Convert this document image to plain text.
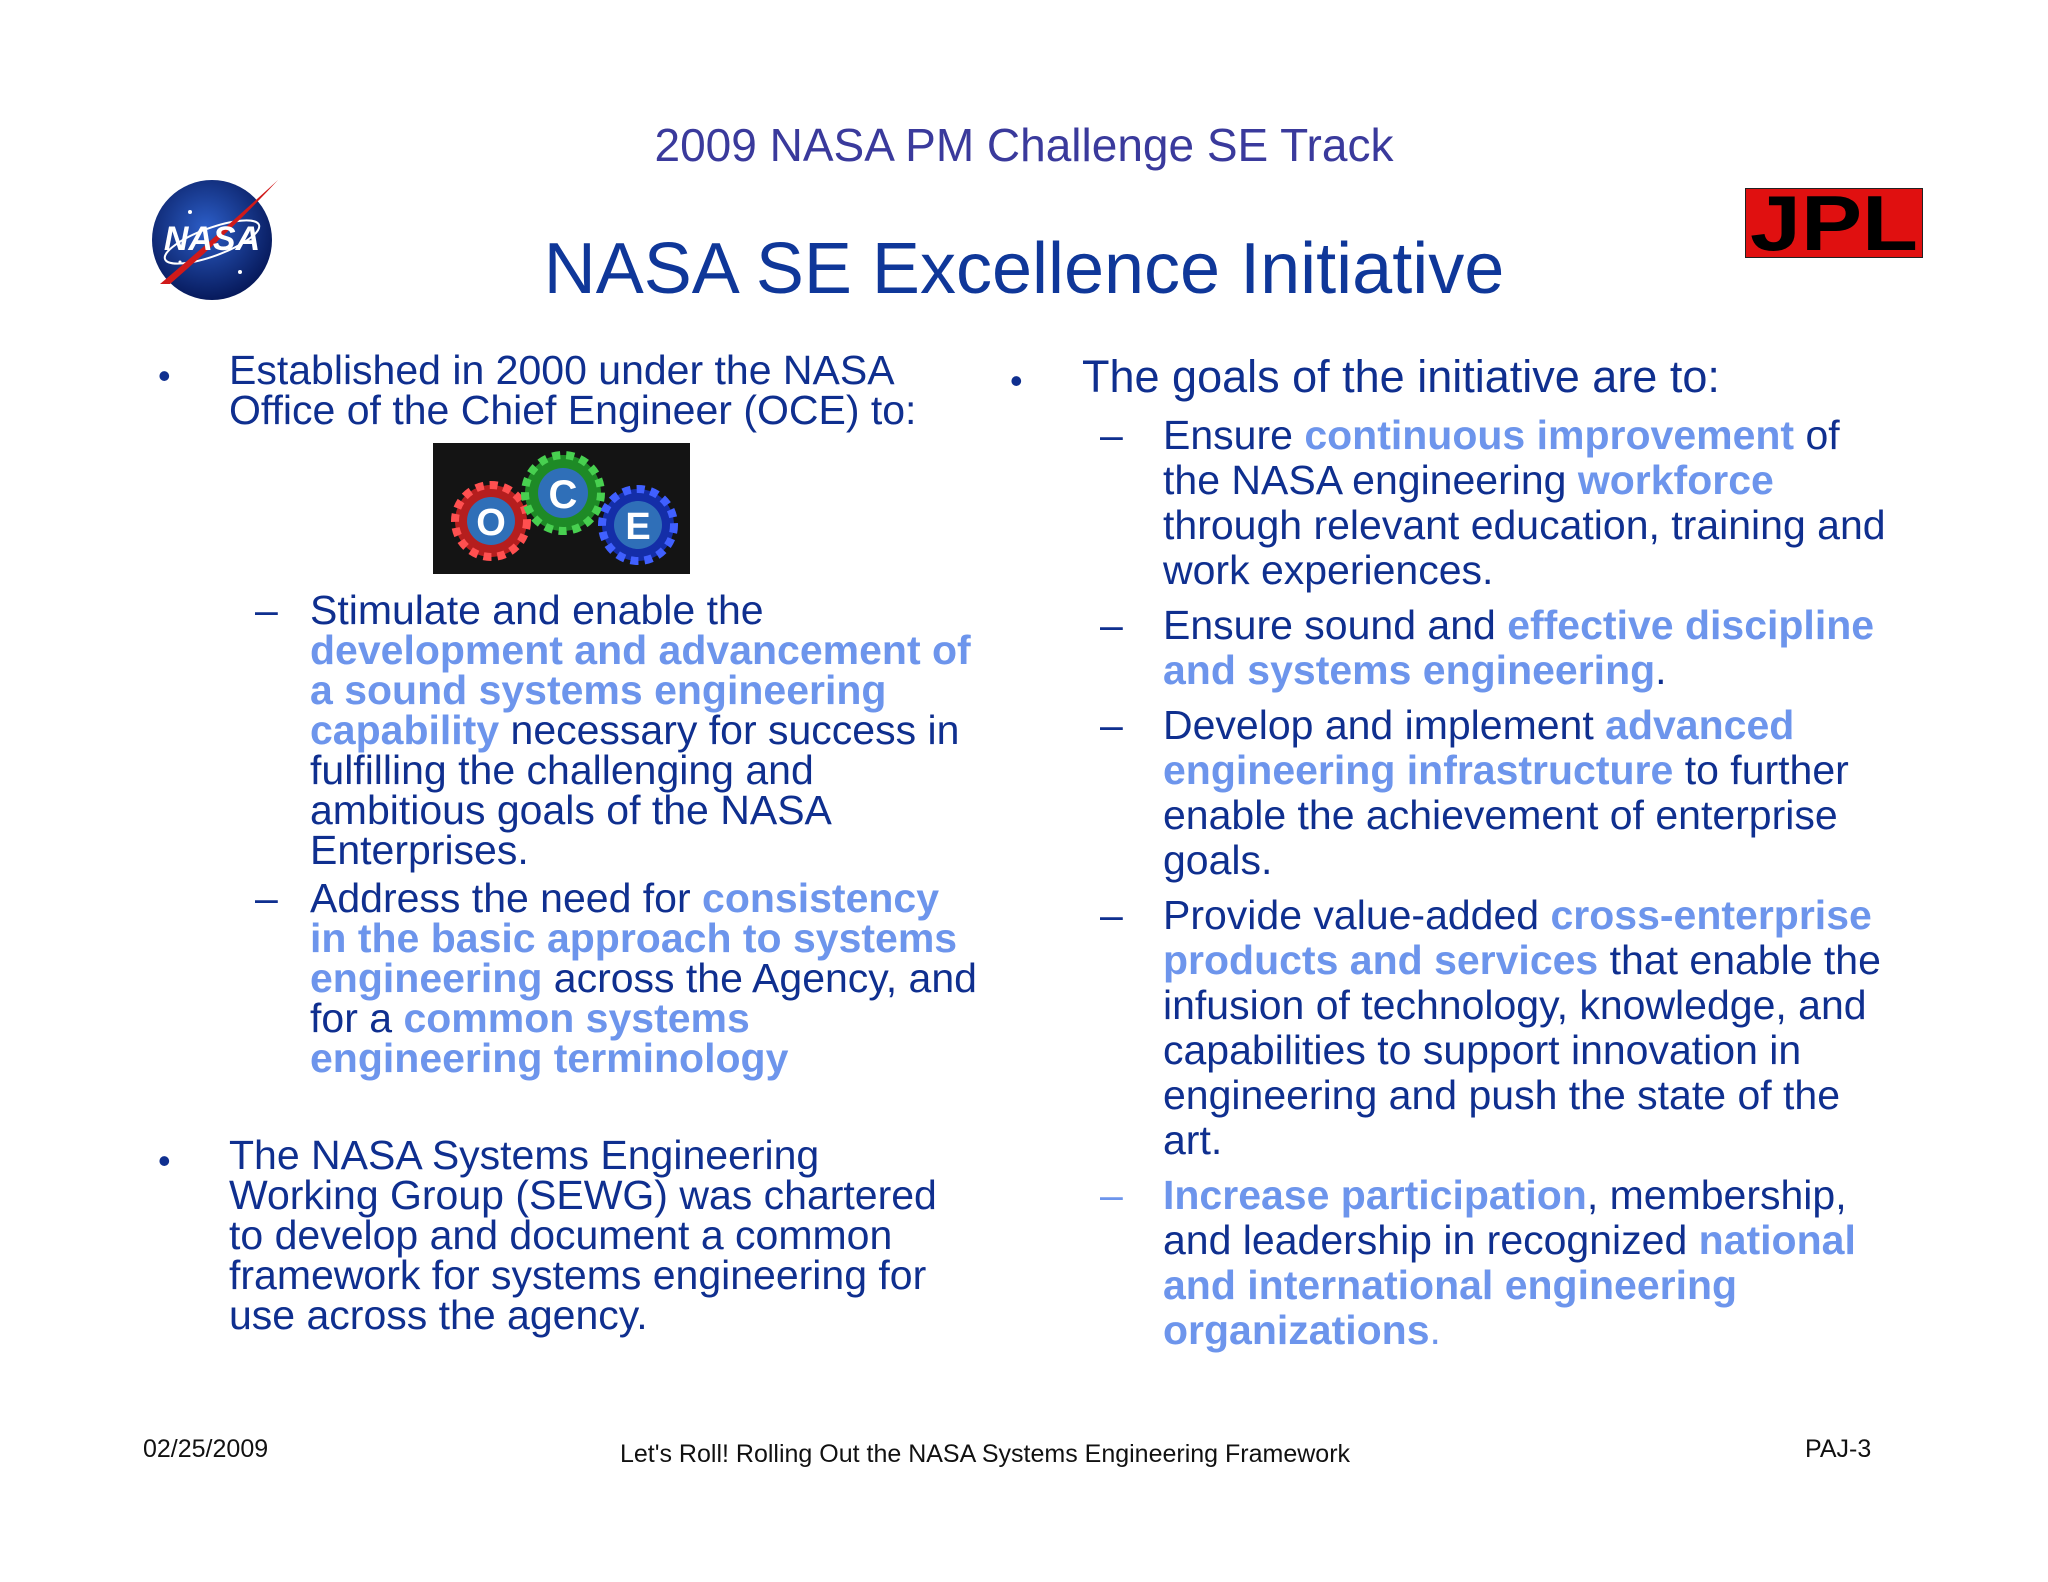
2009 NASA PM Challenge SE Track
NASA	JPL
NASA SE Excellence Initiative
• Established in 2000 under the NASA Office of the Chief Engineer (OCE) to:

O
C
E
– Stimulate and enable the development and advancement of a sound systems engineering capability necessary for success in fulfilling the challenging and ambitious goals of the NASA Enterprises.

– Address the need for consistency in the basic approach to systems engineering across the Agency, and for a common systems engineering terminology

• The NASA Systems Engineering Working Group (SEWG) was chartered to develop and document a common framework for systems engineering for use across the agency.

• The goals of the initiative are to:

– Ensure continuous improvement of the NASA engineering workforce through relevant education, training and work experiences.

– Ensure sound and effective discipline and systems engineering.

– Develop and implement advanced engineering infrastructure to further enable the achievement of enterprise goals.

– Provide value-added cross-enterprise products and services that enable the infusion of technology, knowledge, and capabilities to support innovation in engineering and push the state of the art.

– Increase participation, membership, and leadership in recognized national and international engineering organizations.

02/25/2009	Let's Roll! Rolling Out the NASA Systems Engineering Framework	PAJ-3
